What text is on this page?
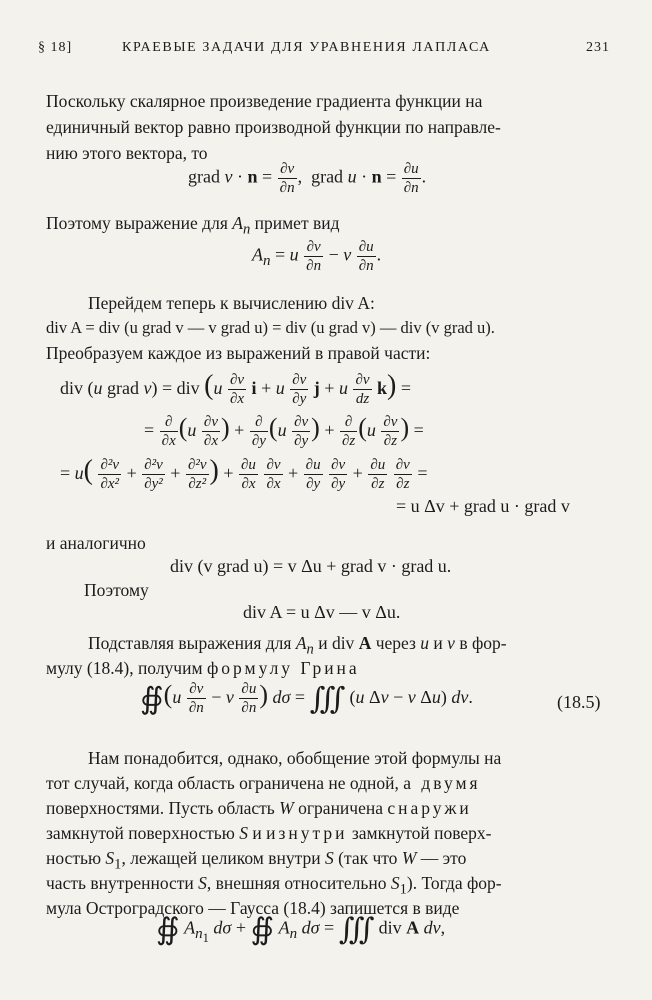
§ 18]	КРАЕВЫЕ ЗАДАЧИ ДЛЯ УРАВНЕНИЯ ЛАПЛАСА	231
Поскольку скалярное произведение градиента функции на
единичный вектор равно производной функции по направле-
нию этого вектора, то
grad $v \cdot n = \frac{\partial v}{\partial n}$ ,  grad $u \cdot n = \frac{\partial u}{\partial n}$ .
Поэтому выражение для $A_n$ примет вид
$A_n = u \frac{\partial v}{\partial n} - v \frac{\partial u}{\partial n}$ .
Перейдем теперь к вычислению div A:
div A = div (u grad v — v grad u) = div (u grad v) — div (v grad u).
Преобразуем каждое из выражений в правой части:
div (u grad v) = div ($u \frac{\partial v}{\partial x}$ i + u $\frac{\partial v}{\partial y}$ j + u $\frac{\partial v}{dz} k$) =
= $\frac{\partial}{\partial x} (u \frac{\partial v}{\partial x}$ ) + $\frac{\partial}{\partial y} (u \frac{\partial v}{\partial y}$ ) + $\frac{\partial}{\partial z} (u \frac{\partial v}{\partial z}$ ) =
= $u( \frac{\text{∂²v}}{\text{∂x²}} + \frac{\text{∂²v}}{\text{∂y²}} + \frac{\text{∂²v}}{\text{∂z²}}$ ) + $\frac{\partial u}{\partial x}$
$\frac{\partial v}{\partial x} + \frac{\partial u}{\partial y}$
$\frac{\partial v}{\partial y} + \frac{\partial u}{\partial z}$
$\frac{\partial v}{\partial z}$ =
= u Δv + grad u · grad v
и аналогично
div (v grad u) = v Δu + grad v · grad u.
Поэтому
div A = u Δv — v Δu.
Подставляя выражения для $A_n$ и div A через u и v в фор-
мулу (18.4), получим формулу Грина
∯(u $\frac{\partial v}{\partial n} - v \frac{\partial u}{\partial n}$ ) dσ = ∭ (u Δv − v Δu) dv.	(18.5)
Нам понадобится, однако, обобщение этой формулы на
тот случай, когда область ограничена не одной, а двумя
поверхностями. Пусть область W ограничена снаружи
замкнутой поверхностью S и изнутри замкнутой поверх-
ностью $S_1$, лежащей целиком внутри S (так что W — это
часть внутренности S, внешняя относительно $S_1$). Тогда фор-
мула Остроградского — Гаусса (18.4) запишется в виде
∯ $A_{n_1}$ dσ + ∯ $A_n$ dσ = ∭ div A dv,
